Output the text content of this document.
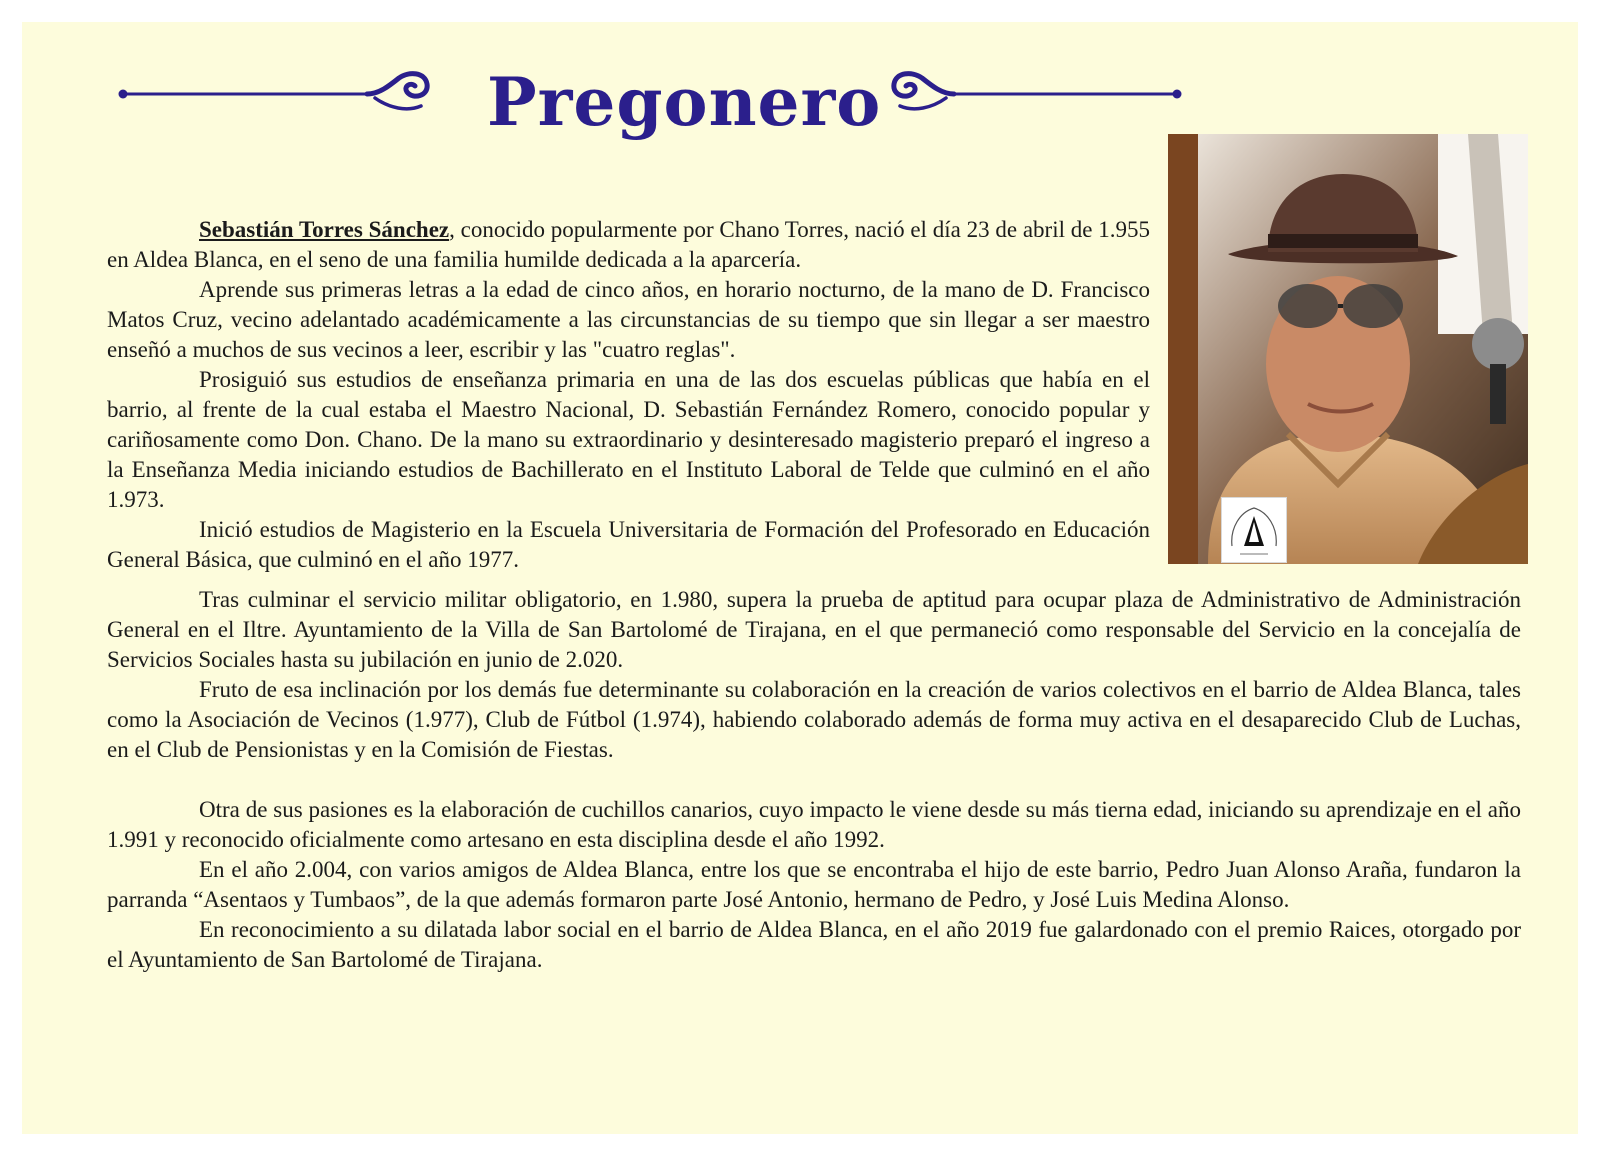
Pregonero

Sebastián Torres Sánchez, conocido popularmente por Chano Torres, nació el día 23 de abril de 1.955 en Aldea Blanca, en el seno de una familia humilde dedicada a la aparcería.

Aprende sus primeras letras a la edad de cinco años, en horario nocturno, de la mano de D. Francisco Matos Cruz, vecino adelantado académicamente a las circunstancias de su tiempo que sin llegar a ser maestro enseñó a muchos de sus vecinos a leer, escribir y las "cuatro reglas".

Prosiguió sus estudios de enseñanza primaria en una de las dos escuelas públicas que había en el barrio, al frente de la cual estaba el Maestro Nacional, D. Sebastián Fernández Romero, conocido popular y cariñosamente como Don. Chano. De la mano su extraordinario y desinteresado magisterio preparó el ingreso a la Enseñanza Media iniciando estudios de Bachillerato en el Instituto Laboral de Telde que culminó en el año 1.973.

Inició estudios de Magisterio en la Escuela Universitaria de Formación del Profesorado en Educación General Básica, que culminó en el año 1977.

Tras culminar el servicio militar obligatorio, en 1.980, supera la prueba de aptitud para ocupar plaza de Administrativo de Administración General en el Iltre. Ayuntamiento de la Villa de San Bartolomé de Tirajana, en el que permaneció como responsable del Servicio en la concejalía de Servicios Sociales hasta su jubilación en junio de 2.020.

Fruto de esa inclinación por los demás fue determinante su colaboración en la creación de varios colectivos en el barrio de Aldea Blanca, tales como la Asociación de Vecinos (1.977), Club de Fútbol (1.974), habiendo colaborado además de forma muy activa en el desaparecido Club de Luchas, en el Club de Pensionistas y en la Comisión de Fiestas.

Otra de sus pasiones es la elaboración de cuchillos canarios, cuyo impacto le viene desde su más tierna edad, iniciando su aprendizaje en el año 1.991 y reconocido oficialmente como artesano en esta disciplina desde el año 1992.

En el año 2.004, con varios amigos de Aldea Blanca, entre los que se encontraba el hijo de este barrio, Pedro Juan Alonso Araña, fundaron la parranda “Asentaos y Tumbaos”, de la que además formaron parte José Antonio, hermano de Pedro, y José Luis Medina Alonso.

En reconocimiento a su dilatada labor social en el barrio de Aldea Blanca, en el año 2019 fue galardonado con el premio Raices, otorgado por el Ayuntamiento de San Bartolomé de Tirajana.
